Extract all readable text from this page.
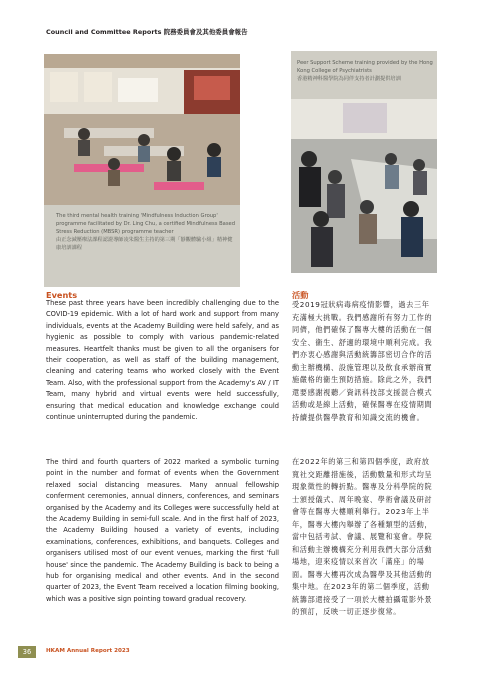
Council and Committee Reports 院務委員會及其他委員會報告
The third mental health training 'Mindfulness Induction Group' programme facilitated by Dr. Ling Chu, a certified Mindfulness Based Stress Reduction (MBSR) programme teacher
由正念減壓療法課程認證導師凌朱醫生主持的第三期「靜觀體驗小組」精神健康培訓課程
Peer Support Scheme training provided by the Hong Kong College of Psychiatrists
香港精神科醫學院為同伴支持者計劃提供培訓
Events

These past three years have been incredibly challenging due to the COVID-19 epidemic. With a lot of hard work and support from many individuals, events at the Academy Building were held safely, and as hygienic as possible to comply with various pandemic-related measures. Heartfelt thanks must be given to all the organisers for their cooperation, as well as staff of the building management, cleaning and catering teams who worked closely with the Event Team. Also, with the professional support from the Academy's AV / IT Team, many hybrid and virtual events were held successfully, ensuring that medical education and knowledge exchange could continue uninterrupted during the pandemic.

The third and fourth quarters of 2022 marked a symbolic turning point in the number and format of events when the Government relaxed social distancing measures. Many annual fellowship conferment ceremonies, annual dinners, conferences, and seminars organised by the Academy and its Colleges were successfully held at the Academy Building in semi-full scale. And in the first half of 2023, the Academy Building housed a variety of events, including examinations, conferences, exhibitions, and banquets. Colleges and organisers utilised most of our event venues, marking the first 'full house' since the pandemic. The Academy Building is back to being a hub for organising medical and other events. And in the second quarter of 2023, the Event Team received a location filming booking, which was a positive sign pointing toward gradual recovery.

活動

受2019冠狀病毒病疫情影響，過去三年充滿極大挑戰。我們感謝所有努力工作的同儕，他們確保了醫專大樓的活動在一個安全、衞生、舒適的環境中順利完成。我們亦衷心感謝與活動統籌部密切合作的活動主辦機構、設施管理以及飲食承辦商實施嚴格的衞生預防措施。除此之外，我們還要感謝視聽／資訊科技部支援混合模式活動或是線上活動，確保醫專在疫情期間持續提供醫學教育和知識交流的機會。

在2022年的第三和第四個季度，政府放寬社交距離措施後，活動數量和形式均呈現象徵性的轉折點。醫專及分科學院的院士頒授儀式、周年晚宴、學術會議及研討會等在醫專大樓順利舉行。2023年上半年，醫專大樓內舉辦了各種類型的活動，當中包括考試、會議、展覽和宴會。學院和活動主辦機構充分利用我們大部分活動場地，迎來疫情以來首次「滿座」的場面。醫專大樓再次成為醫學及其他活動的集中地。在2023年的第二個季度，活動統籌部還接受了一項於大樓拍攝電影外景的預訂，反映一切正逐步復常。

36	HKAM Annual Report 2023
